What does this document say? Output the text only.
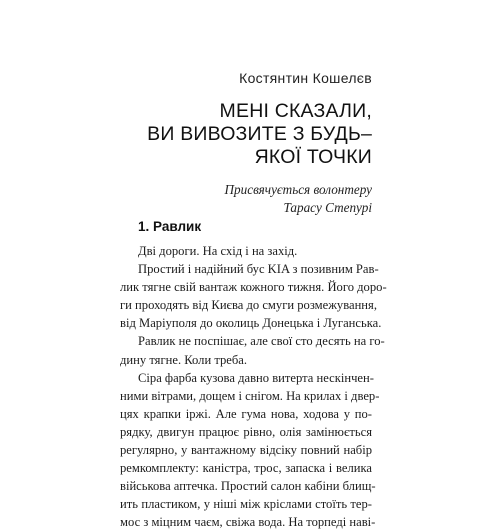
Костянтин Кошелєв
МЕНІ СКАЗАЛИ,
ВИ ВИВОЗИТЕ З БУДЬ–
ЯКОЇ ТОЧКИ
Присвячується волонтеру
Тарасу Степурі
1. Равлик
Дві дороги. На схід і на захід.
Простий і надійний бус KIA з позивним Рав-
лик тягне свій вантаж кожного тижня. Його доро-
ги проходять від Києва до смуги розмежування,
від Маріуполя до околиць Донецька і Луганська.
Равлик не поспішає, але свої сто десять на го-
дину тягне. Коли треба.
Сіра фарба кузова давно витерта нескінчен-
ними вітрами, дощем і снігом. На крилах і двер-
цях крапки іржі. Але гума нова, ходова у по-
рядку, двигун працює рівно, олія замінюється
регулярно, у вантажному відсіку повний набір
ремкомплекту: каністра, трос, запаска і велика
військова аптечка. Простий салон кабіни блищ-
ить пластиком, у ніші між кріслами стоїть тер-
мос з міцним чаєм, свіжа вода. На торпеді наві-
